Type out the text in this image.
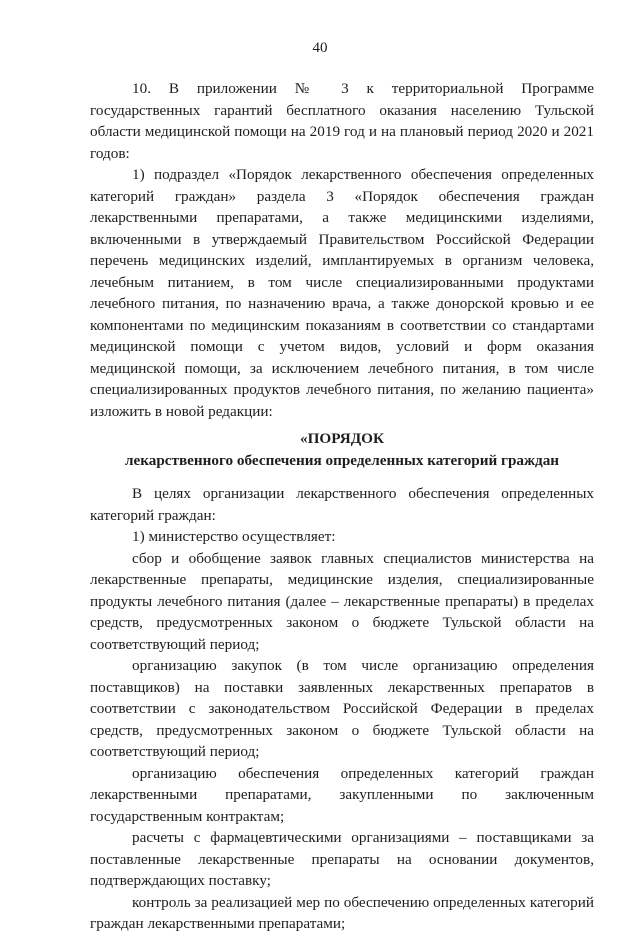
40

10. В приложении № 3 к территориальной Программе государственных гарантий бесплатного оказания населению Тульской области медицинской помощи на 2019 год и на плановый период 2020 и 2021 годов:

1) подраздел «Порядок лекарственного обеспечения определенных категорий граждан» раздела 3 «Порядок обеспечения граждан лекарственными препаратами, а также медицинскими изделиями, включенными в утверждаемый Правительством Российской Федерации перечень медицинских изделий, имплантируемых в организм человека, лечебным питанием, в том числе специализированными продуктами лечебного питания, по назначению врача, а также донорской кровью и ее компонентами по медицинским показаниям в соответствии со стандартами медицинской помощи с учетом видов, условий и форм оказания медицинской помощи, за исключением лечебного питания, в том числе специализированных продуктов лечебного питания, по желанию пациента» изложить в новой редакции:

«ПОРЯДОК
лекарственного обеспечения определенных категорий граждан

В целях организации лекарственного обеспечения определенных категорий граждан:

1) министерство осуществляет:

сбор и обобщение заявок главных специалистов министерства на лекарственные препараты, медицинские изделия, специализированные продукты лечебного питания (далее – лекарственные препараты) в пределах средств, предусмотренных законом о бюджете Тульской области на соответствующий период;

организацию закупок (в том числе организацию определения поставщиков) на поставки заявленных лекарственных препаратов в соответствии с законодательством Российской Федерации в пределах средств, предусмотренных законом о бюджете Тульской области на соответствующий период;

организацию обеспечения определенных категорий граждан лекарственными препаратами, закупленными по заключенным государственным контрактам;

расчеты с фармацевтическими организациями – поставщиками за поставленные лекарственные препараты на основании документов, подтверждающих поставку;

контроль за реализацией мер по обеспечению определенных категорий граждан лекарственными препаратами;
